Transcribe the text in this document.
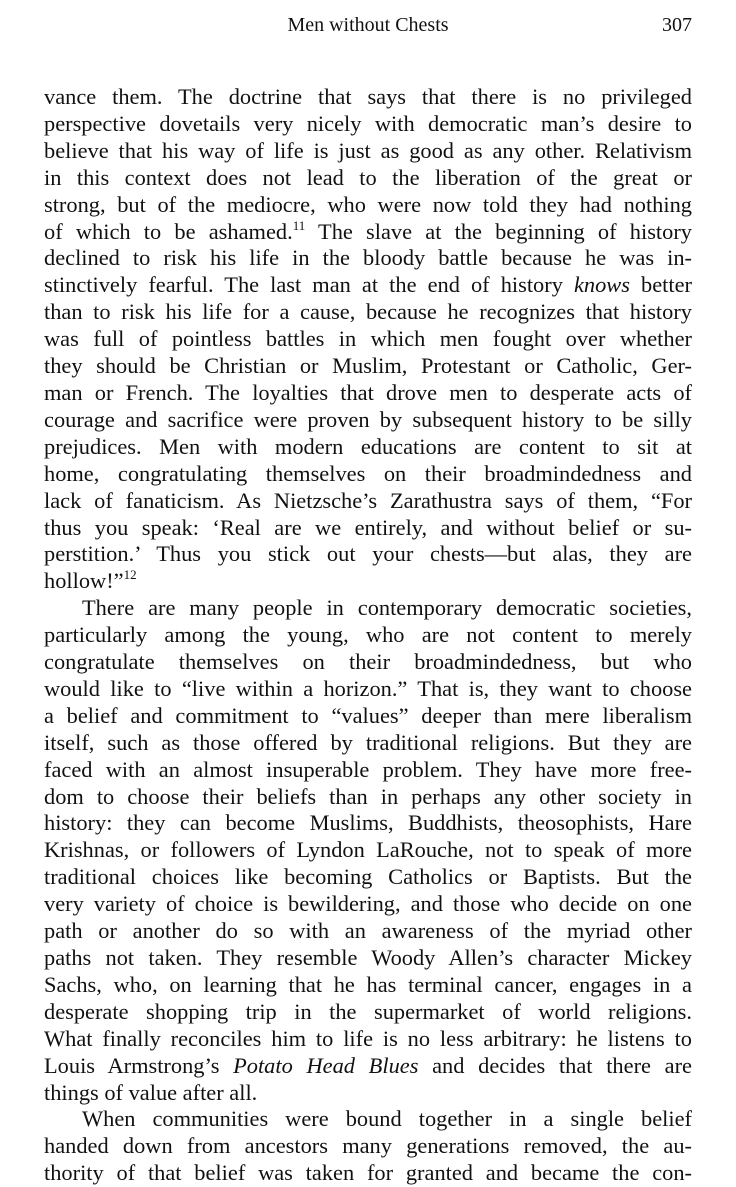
Men without Chests	307
vance them. The doctrine that says that there is no privileged
perspective dovetails very nicely with democratic man’s desire to
believe that his way of life is just as good as any other. Relativism
in this context does not lead to the liberation of the great or
strong, but of the mediocre, who were now told they had nothing
of which to be ashamed.$^{11}$ The slave at the beginning of history
declined to risk his life in the bloody battle because he was in-
stinctively fearful. The last man at the end of history knows better
than to risk his life for a cause, because he recognizes that history
was full of pointless battles in which men fought over whether
they should be Christian or Muslim, Protestant or Catholic, Ger-
man or French. The loyalties that drove men to desperate acts of
courage and sacrifice were proven by subsequent history to be silly
prejudices. Men with modern educations are content to sit at
home, congratulating themselves on their broadmindedness and
lack of fanaticism. As Nietzsche’s Zarathustra says of them, “For
thus you speak: ‘Real are we entirely, and without belief or su-
perstition.’ Thus you stick out your chests—but alas, they are
hollow!”$^{12}$
There are many people in contemporary democratic societies,
particularly among the young, who are not content to merely
congratulate themselves on their broadmindedness, but who
would like to “live within a horizon.” That is, they want to choose
a belief and commitment to “values” deeper than mere liberalism
itself, such as those offered by traditional religions. But they are
faced with an almost insuperable problem. They have more free-
dom to choose their beliefs than in perhaps any other society in
history: they can become Muslims, Buddhists, theosophists, Hare
Krishnas, or followers of Lyndon LaRouche, not to speak of more
traditional choices like becoming Catholics or Baptists. But the
very variety of choice is bewildering, and those who decide on one
path or another do so with an awareness of the myriad other
paths not taken. They resemble Woody Allen’s character Mickey
Sachs, who, on learning that he has terminal cancer, engages in a
desperate shopping trip in the supermarket of world religions.
What finally reconciles him to life is no less arbitrary: he listens to
Louis Armstrong’s Potato Head Blues and decides that there are
things of value after all.
When communities were bound together in a single belief
handed down from ancestors many generations removed, the au-
thority of that belief was taken for granted and became the con-
